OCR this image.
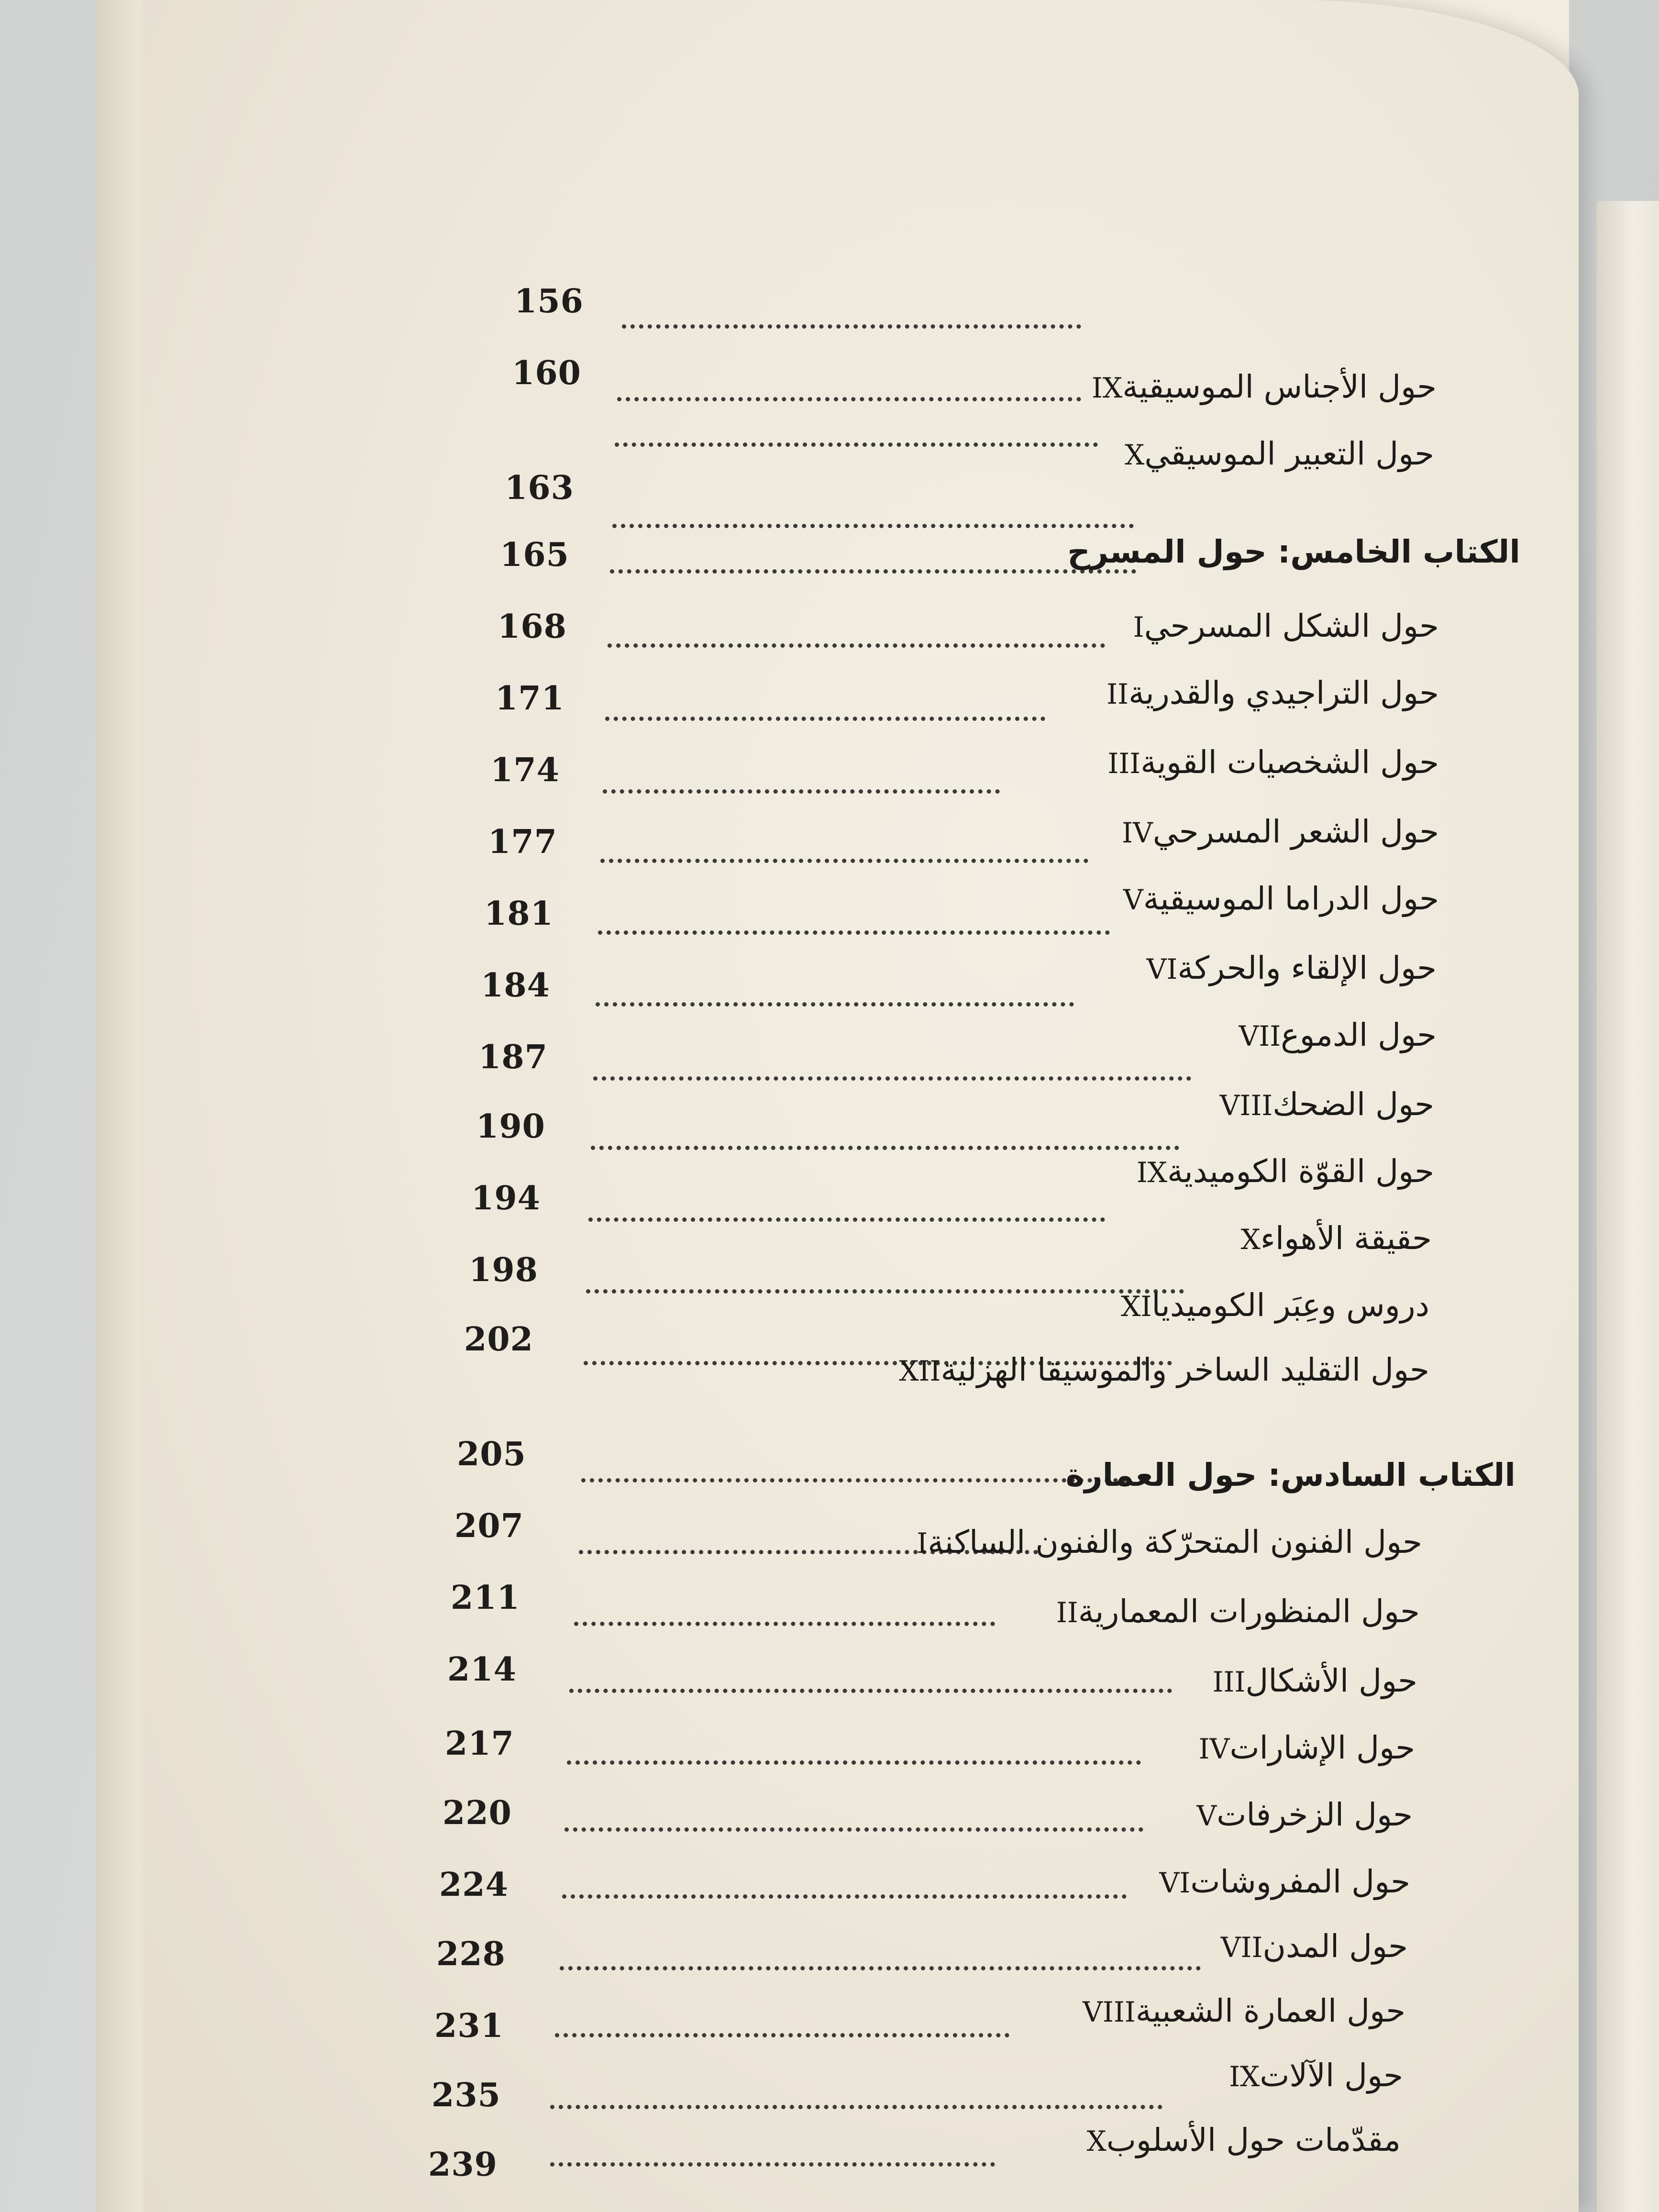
156
160
163
165
168
171
174
177
181
184
187
190
194
198
202
205
207
211
214
217
220
224
228
231
235
239
حول الأجناس الموسيقيةIX
حول التعبير الموسيقيX
الكتاب الخامس: حول المسرح
حول الشكل المسرحيI
حول التراجيدي والقدريةII
حول الشخصيات القويةIII
حول الشعر المسرحيIV
حول الدراما الموسيقيةV
حول الإلقاء والحركةVI
حول الدموعVII
حول الضحكVIII
حول القوّة الكوميديةIX
حقيقة الأهواءX
دروس وعِبَر الكوميدياXI
حول التقليد الساخر والموسيقا الهزليةXII
الكتاب السادس: حول العمارة
حول الفنون المتحرّكة والفنون الساكنةI
حول المنظورات المعماريةII
حول الأشكالIII
حول الإشاراتIV
حول الزخرفاتV
حول المفروشاتVI
حول المدنVII
حول العمارة الشعبيةVIII
حول الآلاتIX
مقدّمات حول الأسلوبX
